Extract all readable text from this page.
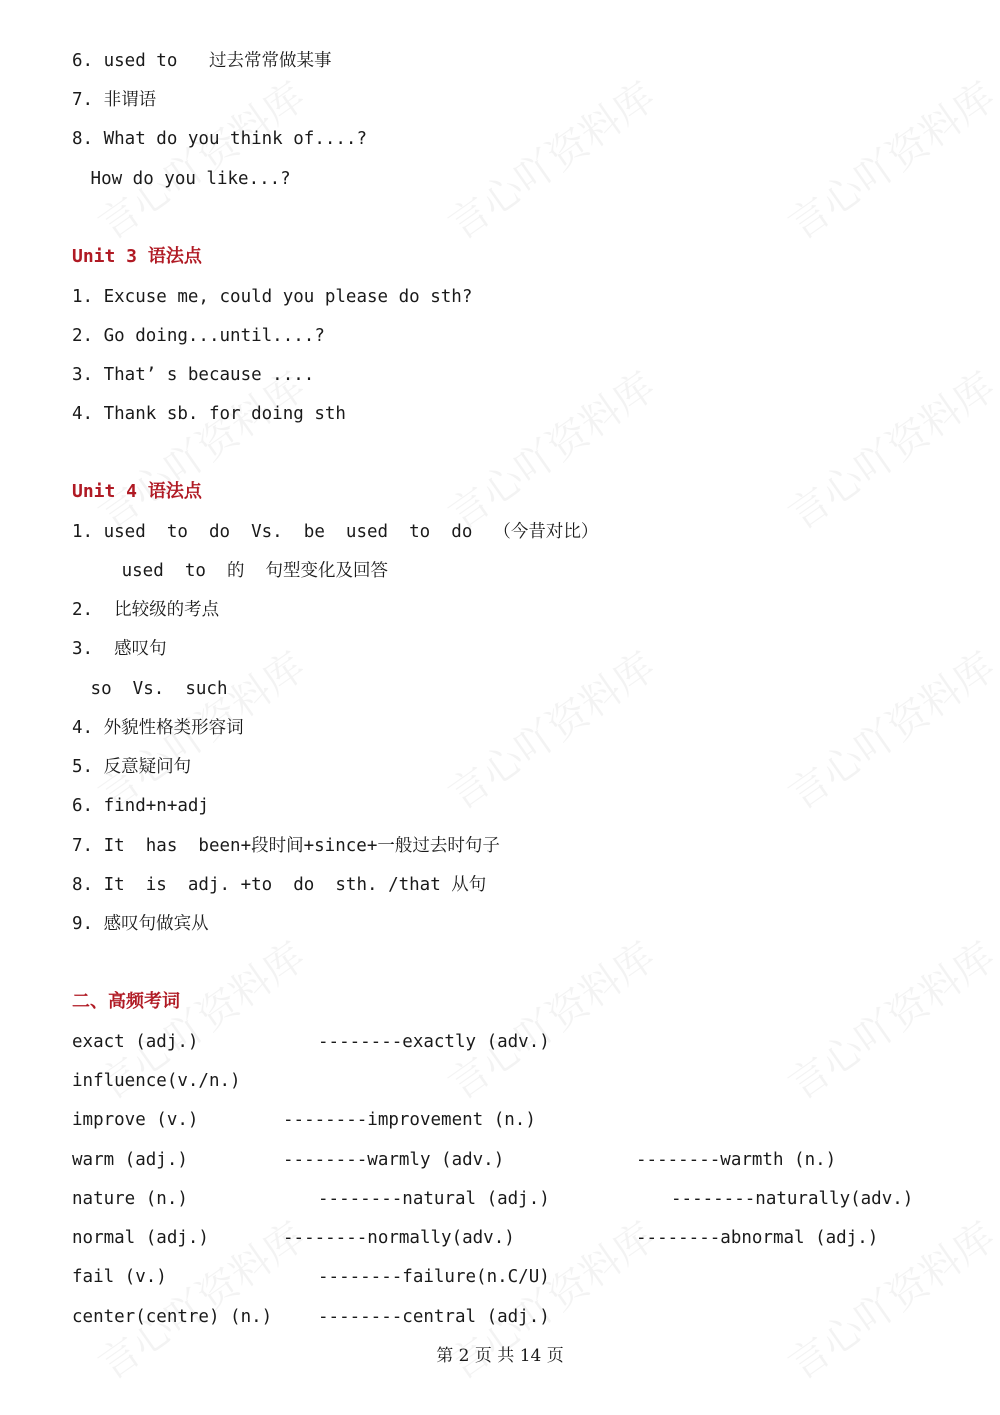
6. used to   过去常常做某事
7. 非谓语
8. What do you think of....?
How do you like...?
Unit 3 语法点
1. Excuse me, could you please do sth?
2. Go doing...until....?
3. That’ s because ....
4. Thank sb. for doing sth
Unit 4 语法点
1. used  to  do  Vs.  be  used  to  do  （今昔对比）
used  to  的  句型变化及回答
2.  比较级的考点
3.  感叹句
so  Vs.  such
4. 外貌性格类形容词
5. 反意疑问句
6. find+n+adj
7. It  has  been+段时间+since+一般过去时句子
8. It  is  adj. +to  do  sth. /that 从句
9. 感叹句做宾从
二、高频考词
exact (adj.)	--------exactly (adv.)
influence(v./n.)
improve (v.)	--------improvement (n.)
warm (adj.)	--------warmly (adv.)	--------warmth (n.)
nature (n.)	--------natural (adj.)	--------naturally(adv.)
normal (adj.)	--------normally(adv.)	--------abnormal (adj.)
fail (v.)	--------failure(n.C/U)
center(centre) (n.)	--------central (adj.)
第 2 页 共 14 页
